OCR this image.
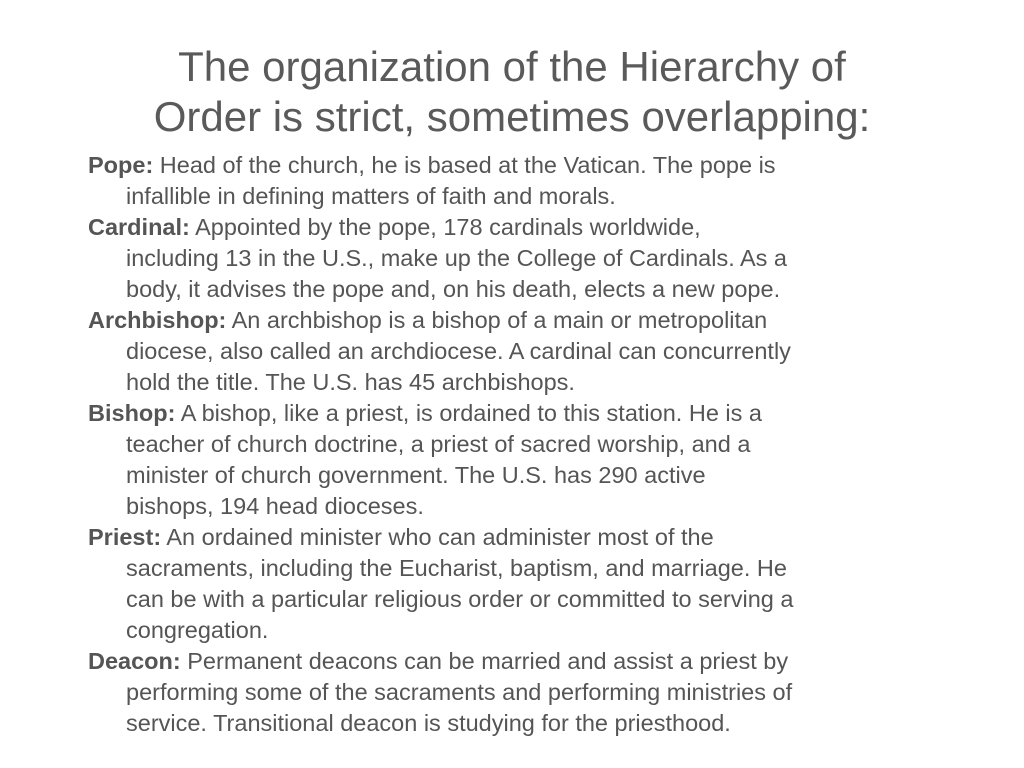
The organization of the Hierarchy of
Order is strict, sometimes overlapping:

Pope: Head of the church, he is based at the Vatican. The pope is
infallible in defining matters of faith and morals.

Cardinal: Appointed by the pope, 178 cardinals worldwide,
including 13 in the U.S., make up the College of Cardinals. As a
body, it advises the pope and, on his death, elects a new pope.

Archbishop: An archbishop is a bishop of a main or metropolitan
diocese, also called an archdiocese. A cardinal can concurrently
hold the title. The U.S. has 45 archbishops.

Bishop: A bishop, like a priest, is ordained to this station. He is a
teacher of church doctrine, a priest of sacred worship, and a
minister of church government. The U.S. has 290 active
bishops, 194 head dioceses.

Priest: An ordained minister who can administer most of the
sacraments, including the Eucharist, baptism, and marriage. He
can be with a particular religious order or committed to serving a
congregation.

Deacon: Permanent deacons can be married and assist a priest by
performing some of the sacraments and performing ministries of
service. Transitional deacon is studying for the priesthood.
